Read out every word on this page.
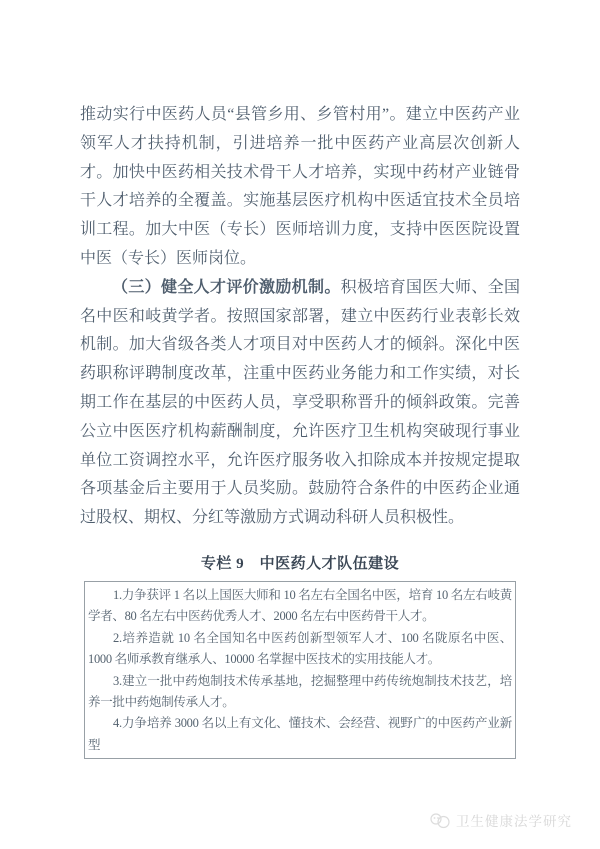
推动实行中医药人员“县管乡用、乡管村用”。建立中医药产业领军人才扶持机制，引进培养一批中医药产业高层次创新人才。加快中医药相关技术骨干人才培养，实现中药材产业链骨干人才培养的全覆盖。实施基层医疗机构中医适宜技术全员培训工程。加大中医（专长）医师培训力度，支持中医医院设置中医（专长）医师岗位。

（三）健全人才评价激励机制。积极培育国医大师、全国名中医和岐黄学者。按照国家部署，建立中医药行业表彰长效机制。加大省级各类人才项目对中医药人才的倾斜。深化中医药职称评聘制度改革，注重中医药业务能力和工作实绩，对长期工作在基层的中医药人员，享受职称晋升的倾斜政策。完善公立中医医疗机构薪酬制度，允许医疗卫生机构突破现行事业单位工资调控水平，允许医疗服务收入扣除成本并按规定提取各项基金后主要用于人员奖励。鼓励符合条件的中医药企业通过股权、期权、分红等激励方式调动科研人员积极性。

专栏 9　中医药人才队伍建设

1.力争获评 1 名以上国医大师和 10 名左右全国名中医，培育 10 名左右岐黄学者、80 名左右中医药优秀人才、2000 名左右中医药骨干人才。

2.培养造就 10 名全国知名中医药创新型领军人才、100 名陇原名中医、1000 名师承教育继承人、10000 名掌握中医技术的实用技能人才。

3.建立一批中药炮制技术传承基地，挖掘整理中药传统炮制技术技艺，培养一批中药炮制传承人才。

4.力争培养 3000 名以上有文化、懂技术、会经营、视野广的中医药产业新型

卫生健康法学研究
